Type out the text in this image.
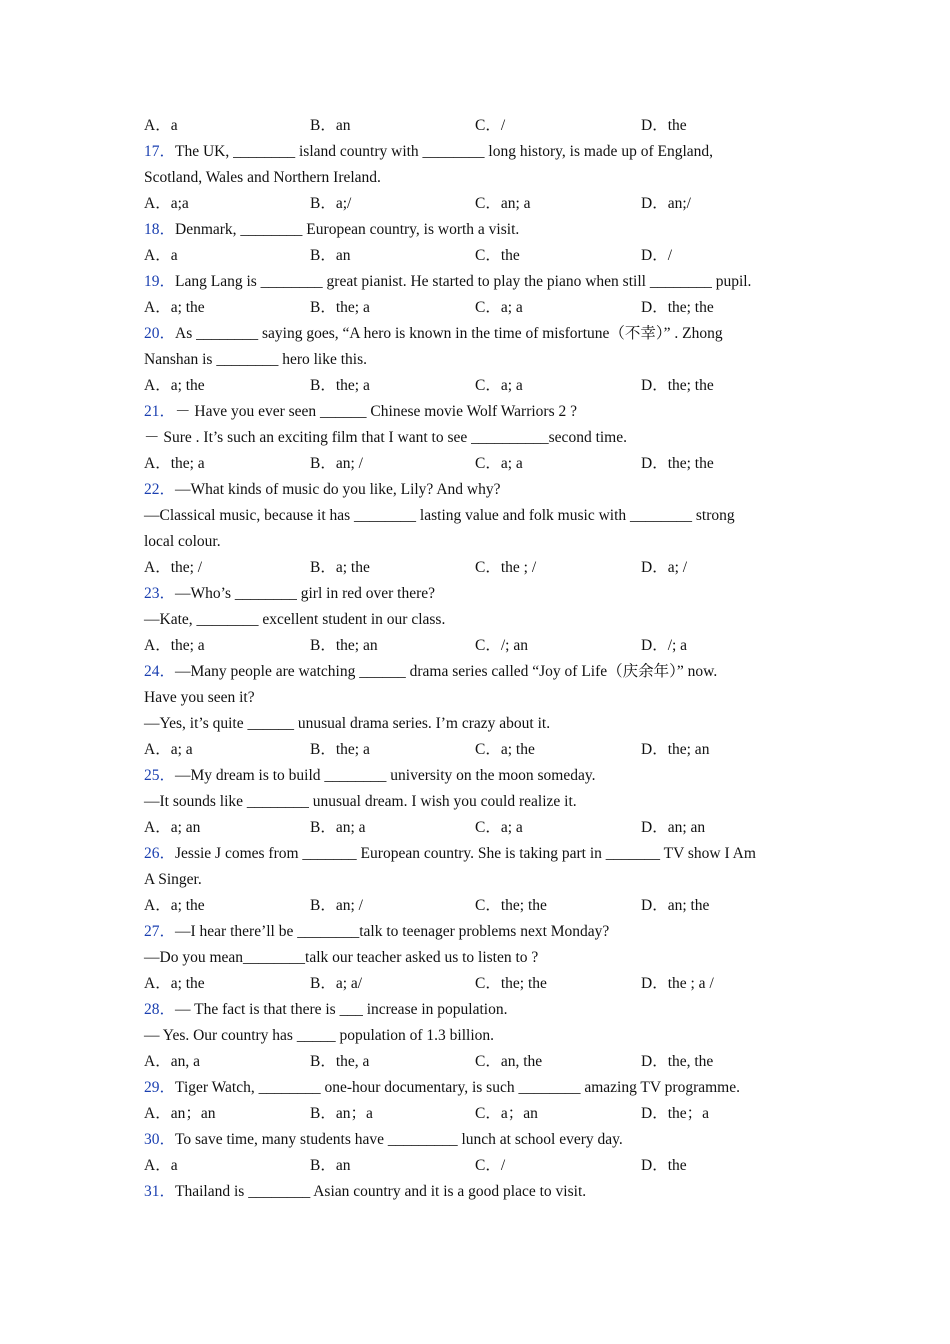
A．a	B．an	C．/	D．the
17．The UK, ________ island country with ________ long history, is made up of England,
Scotland, Wales and Northern Ireland.
A．a;a	B．a;/	C．an; a	D．an;/
18．Denmark, ________ European country, is worth a visit.
A．a	B．an	C．the	D．/
19．Lang Lang is ________ great pianist. He started to play the piano when still ________ pupil.
A．a; the	B．the; a	C．a; a	D．the; the
20．As ________ saying goes, “A hero is known in the time of misfortune（不幸）” . Zhong
Nanshan is ________ hero like this.
A．a; the	B．the; a	C．a; a	D．the; the
21．－ Have you ever seen ______ Chinese movie Wolf Warriors 2 ?
－ Sure . It’s such an exciting film that I want to see __________second time.
A．the; a	B．an; /	C．a; a	D．the; the
22．—What kinds of music do you like, Lily? And why?
—Classical music, because it has ________ lasting value and folk music with ________ strong
local colour.
A．the; /	B．a; the	C．the ; /	D．a; /
23．—Who’s ________ girl in red over there?
—Kate, ________ excellent student in our class.
A．the; a	B．the; an	C．/; an	D．/; a
24．—Many people are watching ______ drama series called “Joy of Life（庆余年）” now.
Have you seen it?
—Yes, it’s quite ______ unusual drama series. I’m crazy about it.
A．a; a	B．the; a	C．a; the	D．the; an
25．—My dream is to build ________ university on the moon someday.
—It sounds like ________ unusual dream. I wish you could realize it.
A．a; an	B．an; a	C．a; a	D．an; an
26．Jessie J comes from _______ European country. She is taking part in _______ TV show I Am
A Singer.
A．a; the	B．an; /	C．the; the	D．an; the
27．—I hear there’ll be ________talk to teenager problems next Monday?
—Do you mean________talk our teacher asked us to listen to ?
A．a; the	B．a; a/	C．the; the	D．the ; a /
28．— The fact is that there is ___ increase in population.
— Yes. Our country has _____ population of 1.3 billion.
A．an, a	B．the, a	C．an, the	D．the, the
29．Tiger Watch, ________ one-hour documentary, is such ________ amazing TV programme.
A．an；an	B．an；a	C．a；an	D．the；a
30．To save time, many students have _________ lunch at school every day.
A．a	B．an	C．/	D．the
31．Thailand is ________ Asian country and it is a good place to visit.
